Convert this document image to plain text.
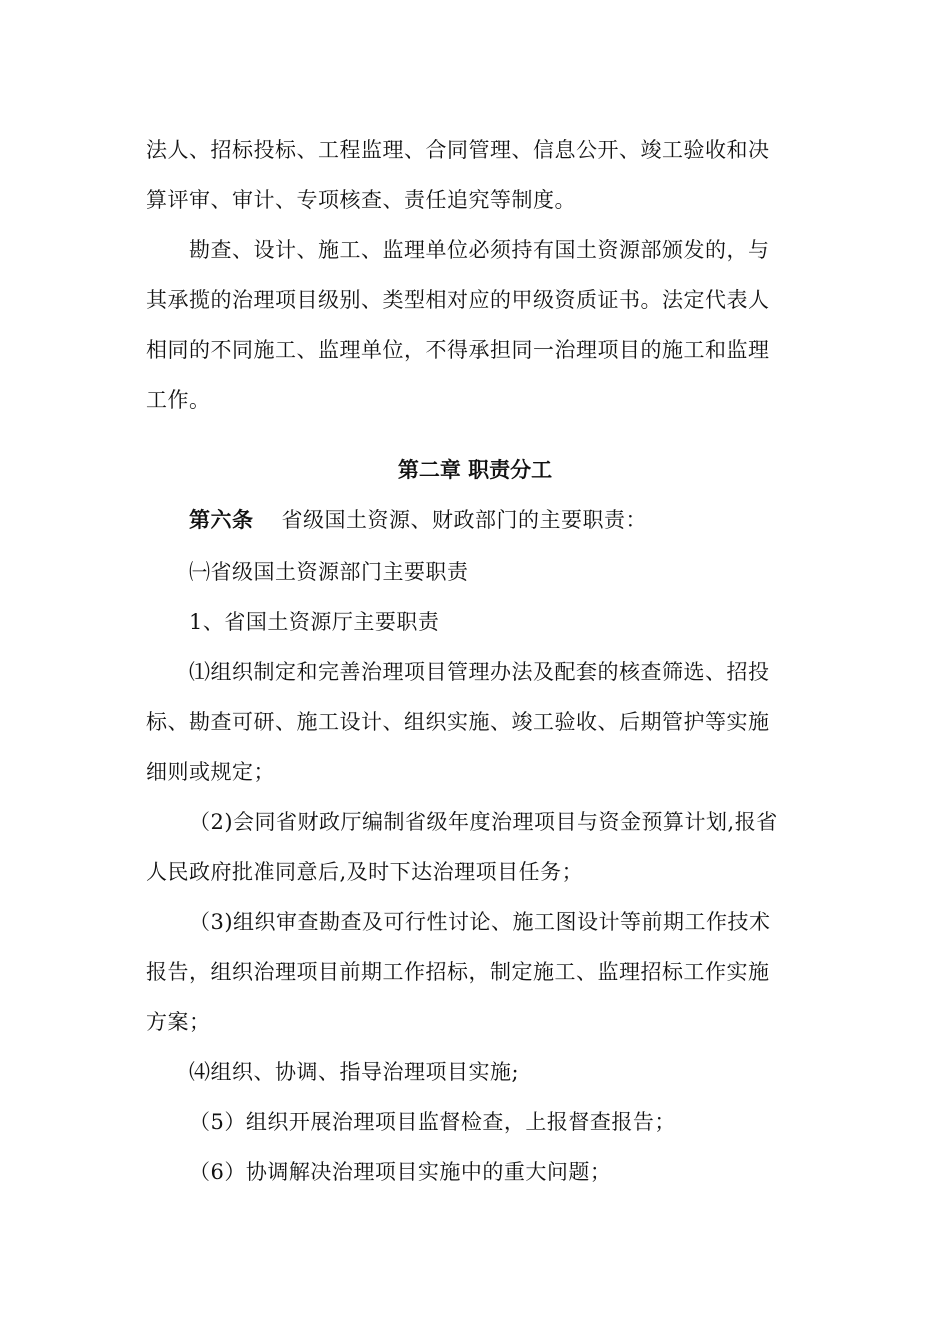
法人、招标投标、工程监理、合同管理、信息公开、竣工验收和决
算评审、审计、专项核查、责任追究等制度。
勘查、设计、施工、监理单位必须持有国土资源部颁发的，与
其承揽的治理项目级别、类型相对应的甲级资质证书。法定代表人
相同的不同施工、监理单位，不得承担同一治理项目的施工和监理
工作。
第二章 职责分工
第六条 省级国土资源、财政部门的主要职责：
㈠省级国土资源部门主要职责
1、省国土资源厅主要职责
⑴组织制定和完善治理项目管理办法及配套的核查筛选、招投
标、勘查可研、施工设计、组织实施、竣工验收、后期管护等实施
细则或规定；
（2)会同省财政厅编制省级年度治理项目与资金预算计划,报省
人民政府批准同意后,及时下达治理项目任务；
（3)组织审查勘查及可行性讨论、施工图设计等前期工作技术
报告，组织治理项目前期工作招标，制定施工、监理招标工作实施
方案；
⑷组织、协调、指导治理项目实施;
（5）组织开展治理项目监督检查，上报督查报告；
（6）协调解决治理项目实施中的重大问题；
